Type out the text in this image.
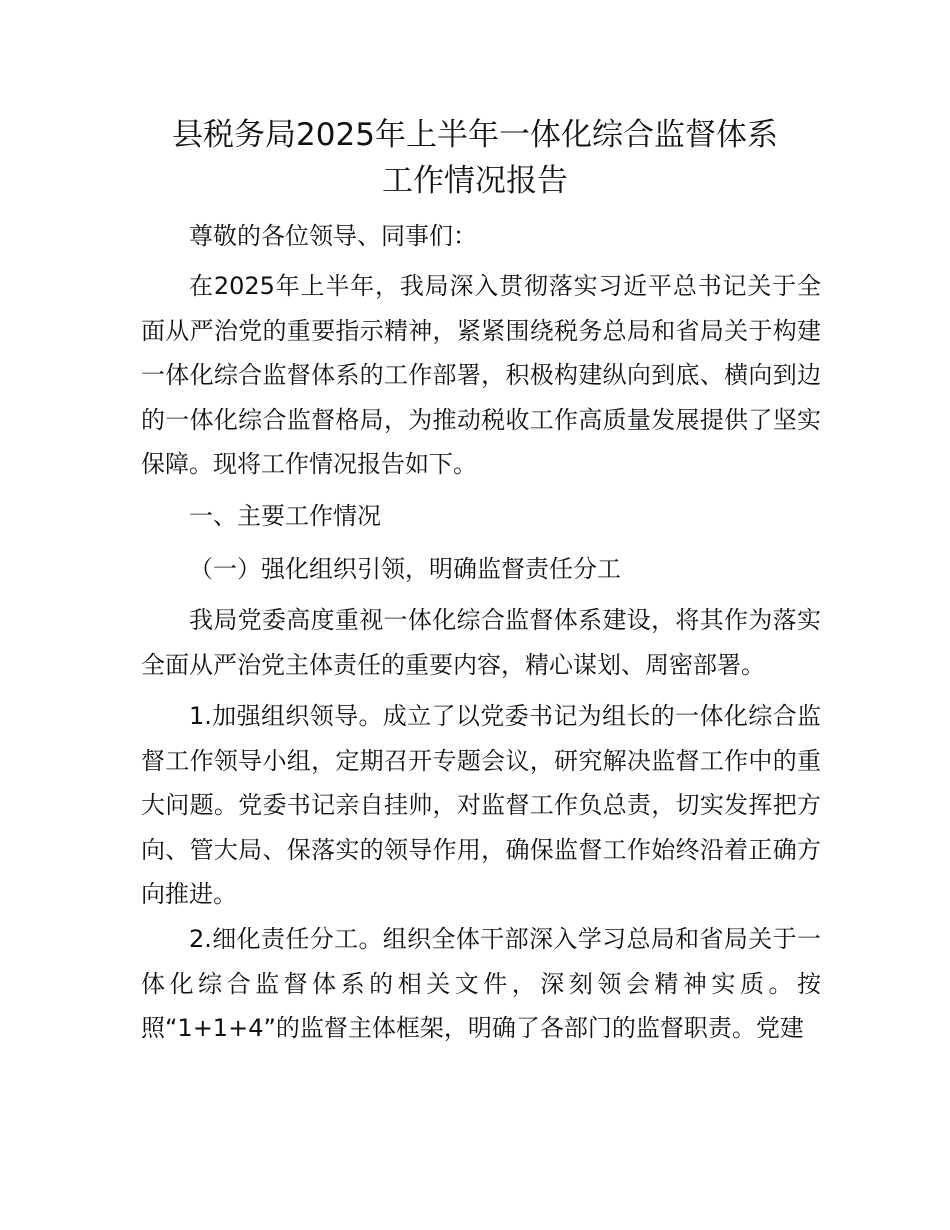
县税务局2025年上半年一体化综合监督体系
工作情况报告

尊敬的各位领导、同事们：

在2025年上半年，我局深入贯彻落实习近平总书记关于全面从严治党的重要指示精神，紧紧围绕税务总局和省局关于构建一体化综合监督体系的工作部署，积极构建纵向到底、横向到边的一体化综合监督格局，为推动税收工作高质量发展提供了坚实保障。现将工作情况报告如下。

一、主要工作情况

（一）强化组织引领，明确监督责任分工

我局党委高度重视一体化综合监督体系建设，将其作为落实全面从严治党主体责任的重要内容，精心谋划、周密部署。

1.加强组织领导。成立了以党委书记为组长的一体化综合监督工作领导小组，定期召开专题会议，研究解决监督工作中的重大问题。党委书记亲自挂帅，对监督工作负总责，切实发挥把方向、管大局、保落实的领导作用，确保监督工作始终沿着正确方向推进。

2.细化责任分工。组织全体干部深入学习总局和省局关于一体化综合监督体系的相关文件，深刻领会精神实质。按照“1+1+4”的监督主体框架，明确了各部门的监督职责。党建
